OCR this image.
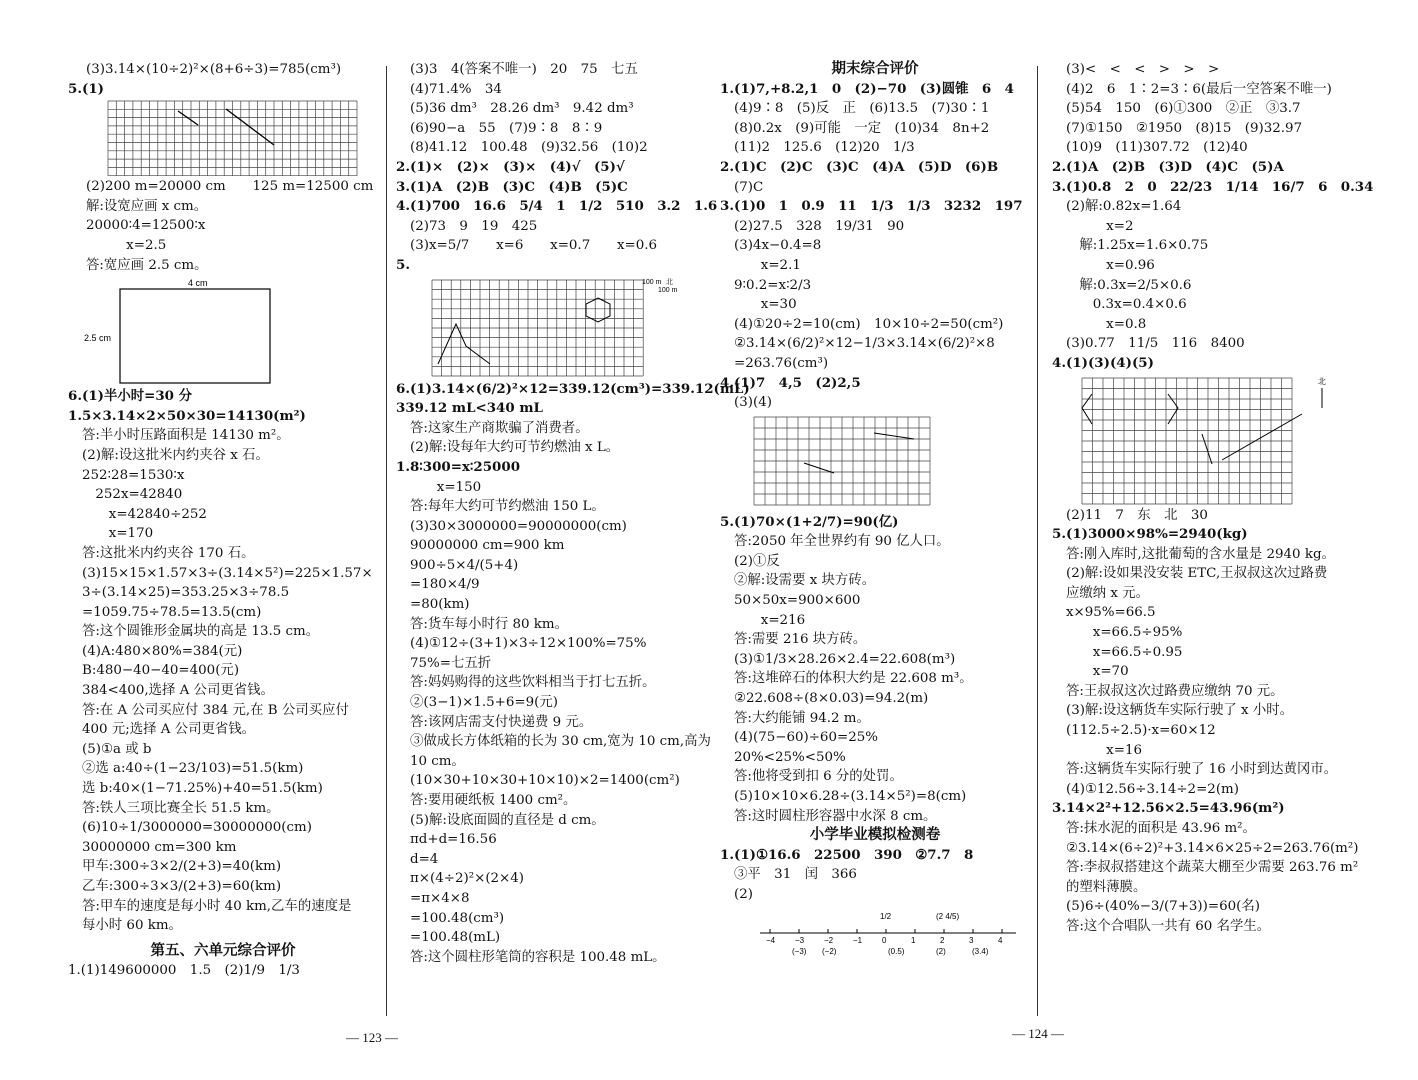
(3)3.14×(10÷2)²×(8+6÷3)=785(cm³)
5.(1)
(2)200 m=20000 cm　　125 m=12500 cm
解:设宽应画 x cm。
20000∶4=12500∶x
　　　x=2.5
答:宽应画 2.5 cm。
4 cm
2.5 cm
6.(1)半小时=30 分
1.5×3.14×2×50×30=14130(m²)
答:半小时压路面积是 14130 m²。
(2)解:设这批米内约夹谷 x 石。
252∶28=1530∶x
　252x=42840
　　x=42840÷252
　　x=170
答:这批米内约夹谷 170 石。
(3)15×15×1.57×3÷(3.14×5²)=225×1.57×
3÷(3.14×25)=353.25×3÷78.5
=1059.75÷78.5=13.5(cm)
答:这个圆锥形金属块的高是 13.5 cm。
(4)A:480×80%=384(元)
B:480−40−40=400(元)
384<400,选择 A 公司更省钱。
答:在 A 公司买应付 384 元,在 B 公司买应付
400 元;选择 A 公司更省钱。
(5)①a 或 b
②选 a:40÷(1−23/103)=51.5(km)
选 b:40×(1−71.25%)+40=51.5(km)
答:铁人三项比赛全长 51.5 km。
(6)10÷1/3000000=30000000(cm)
30000000 cm=300 km
甲车:300÷3×2/(2+3)=40(km)
乙车:300÷3×3/(2+3)=60(km)
答:甲车的速度是每小时 40 km,乙车的速度是
每小时 60 km。
第五、六单元综合评价
1.(1)149600000　1.5　(2)1/9　1/3
(3)3　4(答案不唯一)　20　75　七五
(4)71.4%　34
(5)36 dm³　28.26 dm³　9.42 dm³
(6)90−a　55　(7)9∶8　8∶9
(8)41.12　100.48　(9)32.56　(10)2
2.(1)×　(2)×　(3)×　(4)√　(5)√
3.(1)A　(2)B　(3)C　(4)B　(5)C
4.(1)700　16.6　5/4　1　1/2　510　3.2　1.6
(2)73　9　19　425
(3)x=5/7　　x=6　　x=0.7　　x=0.6
5.
100 m
100 m
北
6.(1)3.14×(6/2)²×12=339.12(cm³)=339.12(mL)
339.12 mL<340 mL
答:这家生产商欺骗了消费者。
(2)解:设每年大约可节约燃油 x L。
1.8∶300=x∶25000
　　x=150
答:每年大约可节约燃油 150 L。
(3)30×3000000=90000000(cm)
90000000 cm=900 km
900÷5×4/(5+4)
=180×4/9
=80(km)
答:货车每小时行 80 km。
(4)①12÷(3+1)×3÷12×100%=75%
75%=七五折
答:妈妈购得的这些饮料相当于打七五折。
②(3−1)×1.5+6=9(元)
答:该网店需支付快递费 9 元。
③做成长方体纸箱的长为 30 cm,宽为 10 cm,高为
10 cm。
(10×30+10×30+10×10)×2=1400(cm²)
答:要用硬纸板 1400 cm²。
(5)解:设底面圆的直径是 d cm。
πd+d=16.56
d=4
π×(4÷2)²×(2×4)
=π×4×8
=100.48(cm³)
=100.48(mL)
答:这个圆柱形笔筒的容积是 100.48 mL。
期末综合评价
1.(1)7,+8.2,1　0　(2)−70　(3)圆锥　6　4
(4)9∶8　(5)反　正　(6)13.5　(7)30∶1
(8)0.2x　(9)可能　一定　(10)34　8n+2
(11)2　125.6　(12)20　1/3
2.(1)C　(2)C　(3)C　(4)A　(5)D　(6)B
(7)C
3.(1)0　1　0.9　11　1/3　1/3　3232　197
(2)27.5　328　19/31　90
(3)4x−0.4=8
　　x=2.1
9∶0.2=x∶2/3
　　x=30
(4)①20÷2=10(cm)　10×10÷2=50(cm²)
②3.14×(6/2)²×12−1/3×3.14×(6/2)²×8
=263.76(cm³)
4.(1)7　4,5　(2)2,5
(3)(4)
5.(1)70×(1+2/7)=90(亿)
答:2050 年全世界约有 90 亿人口。
(2)①反
②解:设需要 x 块方砖。
50×50x=900×600
　　x=216
答:需要 216 块方砖。
(3)①1/3×28.26×2.4=22.608(m³)
答:这堆碎石的体积大约是 22.608 m³。
②22.608÷(8×0.03)=94.2(m)
答:大约能铺 94.2 m。
(4)(75−60)÷60=25%
20%<25%<50%
答:他将受到扣 6 分的处罚。
(5)10×10×6.28÷(3.14×5²)=8(cm)
答:这时圆柱形容器中水深 8 cm。
小学毕业模拟检测卷
1.(1)①16.6　22500　390　②7.7　8
③平　31　闰　366
(2)
−4 −3 −2 −1 0	1	2	3	4
(−3) (−2)	(0.5)	(2)	(3.4)
1/2	(2 4/5)
(3)<　<　<　>　>　>
(4)2　6　1∶2=3∶6(最后一空答案不唯一)
(5)54　150　(6)①300　②正　③3.7
(7)①150　②1950　(8)15　(9)32.97
(10)9　(11)307.72　(12)40
2.(1)A　(2)B　(3)D　(4)C　(5)A
3.(1)0.8　2　0　22/23　1/14　16/7　6　0.34
(2)解:0.82x=1.64
　　　x=2
　解:1.25x=1.6×0.75
　　　x=0.96
　解:0.3x=2/5×0.6
　　0.3x=0.4×0.6
　　　x=0.8
(3)0.77　11/5　116　8400
4.(1)(3)(4)(5)
北
(2)11　7　东　北　30
5.(1)3000×98%=2940(kg)
答:刚入库时,这批葡萄的含水量是 2940 kg。
(2)解:设如果没安装 ETC,王叔叔这次过路费
应缴纳 x 元。
x×95%=66.5
　　x=66.5÷95%
　　x=66.5÷0.95
　　x=70
答:王叔叔这次过路费应缴纳 70 元。
(3)解:设这辆货车实际行驶了 x 小时。
(112.5÷2.5)·x=60×12
　　　x=16
答:这辆货车实际行驶了 16 小时到达黄冈市。
(4)①12.56÷3.14÷2=2(m)
3.14×2²+12.56×2.5=43.96(m²)
答:抹水泥的面积是 43.96 m²。
②3.14×(6÷2)²+3.14×6×25÷2=263.76(m²)
答:李叔叔搭建这个蔬菜大棚至少需要 263.76 m²
的塑料薄膜。
(5)6÷(40%−3/(7+3))=60(名)
答:这个合唱队一共有 60 名学生。
— 123 —	— 124 —
